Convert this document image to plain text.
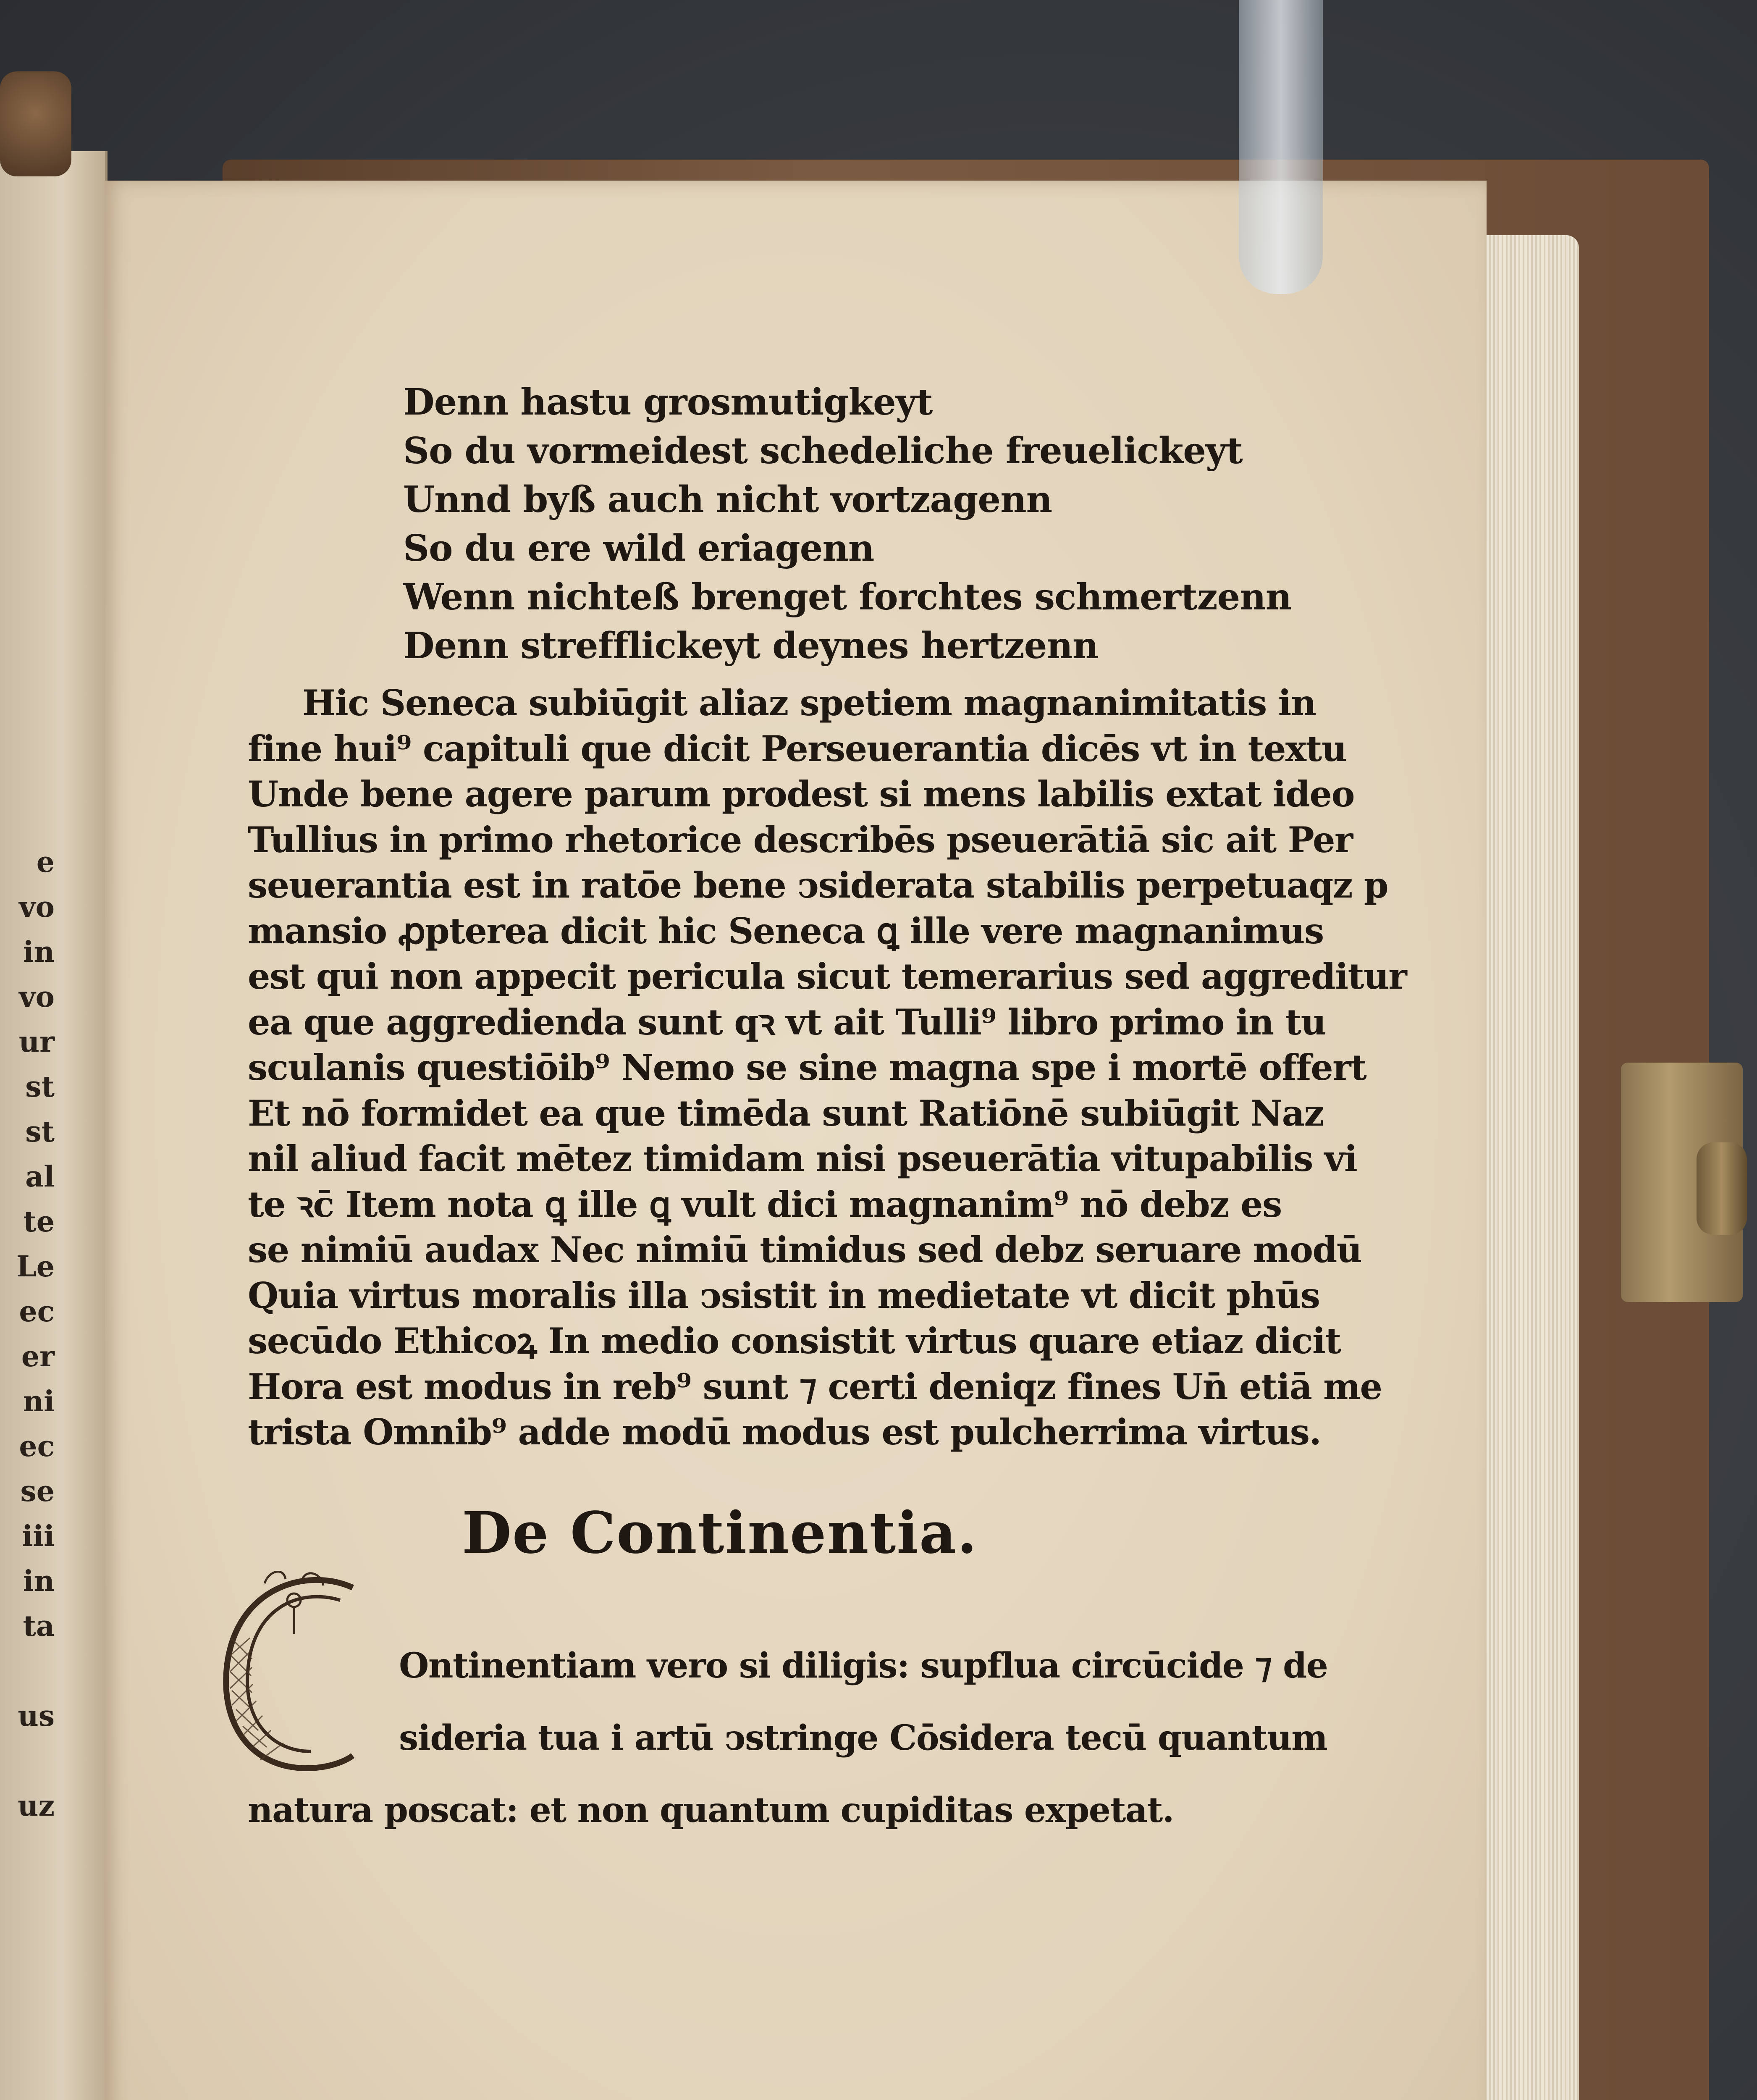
e
vo
in
vo
ur
st
st
al
te
Le
ec
er
ni
ec
se
iii
in
ta
us
uz
Denn hastu grosmutigkeyt
So du vormeidest schedeliche freuelickeyt
Unnd byß auch nicht vortzagenn
So du ere wild eriagenn
Wenn nichteß brenget forchtes schmertzenn
Denn strefflickeyt deynes hertzenn
Hic Seneca subiūgit aliaz spetiem magnanimitatis in
fine hui⁹ capituli que dicit Perseuerantia dicēs vt in textu
Unde bene agere parum prodest si mens labilis extat ideo
Tullius in primo rhetorice describēs pseuerātiā sic ait Per
seuerantia est in ratōe bene ↄsiderata stabilis perpetuaqz p
mansio ꝓpterea dicit hic Seneca ꝗ ille vere magnanimus
est qui non appecit pericula sicut temerarius sed aggreditur
ea que aggredienda sunt qꝛ vt ait Tulli⁹ libro primo in tu
sculanis questiōib⁹ Nemo se sine magna spe i mortē offert
Et nō formidet ea que timēda sunt Ratiōnē subiūgit Naz
nil aliud facit mētez timidam nisi pseuerātia vitupabilis vi
te ꝛc̄ Item nota ꝗ ille ꝗ vult dici magnanim⁹ nō debz es
se nimiū audax Nec nimiū timidus sed debz seruare modū
Quia virtus moralis illa ↄsistit in medietate vt dicit phūs
secūdo Ethicoꝝ In medio consistit virtus quare etiaz dicit
Hora est modus in reb⁹ sunt ⁊ certi deniqz fines Un̄ etiā me
trista Omnib⁹ adde modū modus est pulcherrima virtus.
De Continentia.
Ontinentiam vero si diligis: supflua circūcide ⁊ de
sideria tua i artū ↄstringe Cōsidera tecū quantum
natura poscat: et non quantum cupiditas expetat.
